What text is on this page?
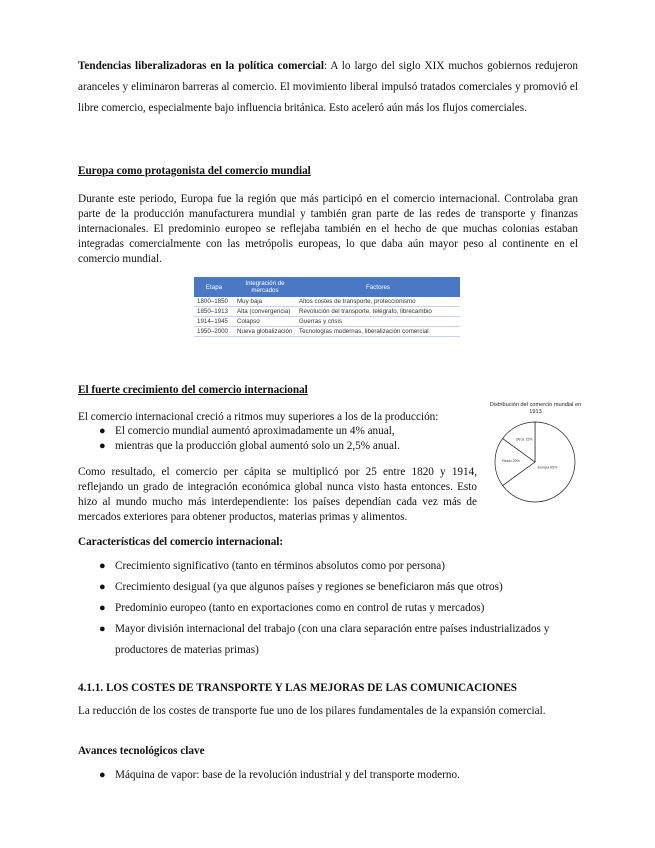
Tendencias liberalizadoras en la política comercial: A lo largo del siglo XIX muchos gobiernos redujeron aranceles y eliminaron barreras al comercio. El movimiento liberal impulsó tratados comerciales y promovió el libre comercio, especialmente bajo influencia británica. Esto aceleró aún más los flujos comerciales.
Europa como protagonista del comercio mundial
Durante este periodo, Europa fue la región que más participó en el comercio internacional. Controlaba gran parte de la producción manufacturera mundial y también gran parte de las redes de transporte y finanzas internacionales. El predominio europeo se reflejaba también en el hecho de que muchas colonias estaban integradas comercialmente con las metrópolis europeas, lo que daba aún mayor peso al continente en el comercio mundial.
Etapa	Integración de mercados	Factores
1800–1850	Muy baja	Altos costes de transporte, proteccionismo
1850–1913	Alta (convergencia)	Revolución del transporte, telégrafo, librecambio
1914–1945	Colapso	Guerras y crisis
1950–2000	Nueva globalización	Tecnologías modernas, liberalización comercial
El fuerte crecimiento del comercio internacional
El comercio internacional creció a ritmos muy superiores a los de la producción:
● El comercio mundial aumentó aproximadamente un 4% anual,
● mientras que la producción global aumentó solo un 2,5% anual.
Como resultado, el comercio per cápita se multiplicó por 25 entre 1820 y 1914, reflejando un grado de integración económica global nunca visto hasta entonces. Esto hizo al mundo mucho más interdependiente: los países dependían cada vez más de mercados exteriores para obtener productos, materias primas y alimentos.
Distribución del comercio mundial en 1913
Europa 65%
Resto 20%
Otros 15%
Características del comercio internacional:
● Crecimiento significativo (tanto en términos absolutos como por persona)
● Crecimiento desigual (ya que algunos países y regiones se beneficiaron más que otros)
● Predominio europeo (tanto en exportaciones como en control de rutas y mercados)
● Mayor división internacional del trabajo (con una clara separación entre países industrializados y productores de materias primas)
4.1.1. LOS COSTES DE TRANSPORTE Y LAS MEJORAS DE LAS COMUNICACIONES
La reducción de los costes de transporte fue uno de los pilares fundamentales de la expansión comercial.
Avances tecnológicos clave
● Máquina de vapor: base de la revolución industrial y del transporte moderno.
